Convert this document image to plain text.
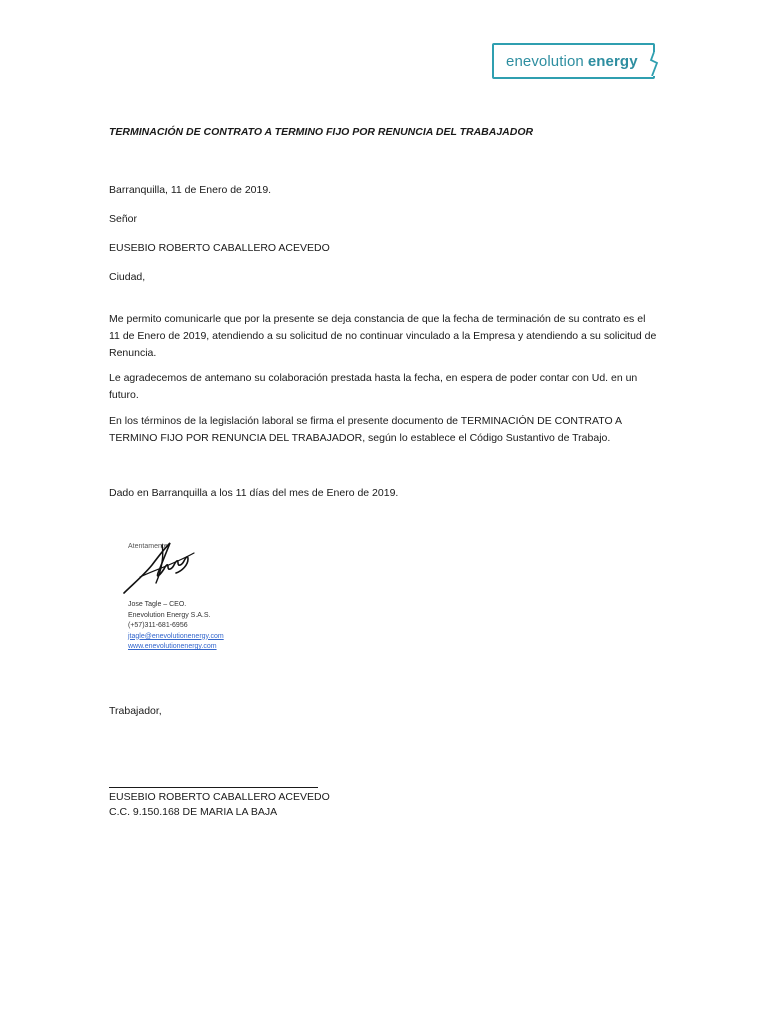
enevolution energy
TERMINACIÓN DE CONTRATO A TERMINO FIJO POR RENUNCIA DEL TRABAJADOR
Barranquilla, 11 de Enero de 2019.
Señor
EUSEBIO ROBERTO CABALLERO ACEVEDO
Ciudad,
Me permito comunicarle que por la presente se deja constancia de que la fecha de terminación de su contrato es el 11 de Enero de 2019, atendiendo a su solicitud de no continuar vinculado a la Empresa y atendiendo a su solicitud de Renuncia.
Le agradecemos de antemano su colaboración prestada hasta la fecha, en espera de poder contar con Ud. en un futuro.
En los términos de la legislación laboral se firma el presente documento de TERMINACIÓN DE CONTRATO A TERMINO FIJO POR RENUNCIA DEL TRABAJADOR, según lo establece el Código Sustantivo de Trabajo.
Dado en Barranquilla a los 11 días del mes de Enero de 2019.
Atentamente
Jose Tagle – CEO.
Enevolution Energy S.A.S.
(+57)311-681-6956
jtagle@enevolutionenergy.com
www.enevolutionenergy.com
Trabajador,
EUSEBIO ROBERTO CABALLERO ACEVEDO
C.C. 9.150.168 DE MARIA LA BAJA
